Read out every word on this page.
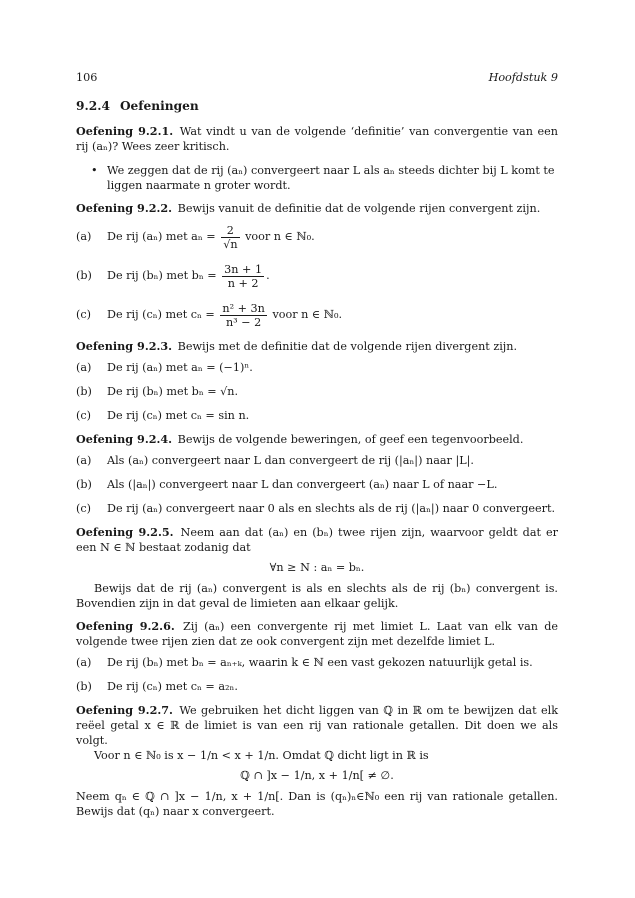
106	Hoofdstuk 9
9.2.4 Oefeningen

Oefening 9.2.1. Wat vindt u van de volgende ‘definitie’ van convergentie van een rij (aₙ)? Wees zeer kritisch.

• We zeggen dat de rij (aₙ) convergeert naar L als aₙ steeds dichter bij L komt te liggen naarmate n groter wordt.

Oefening 9.2.2. Bewijs vanuit de definitie dat de volgende rijen convergent zijn.

(a) De rij (aₙ) met $a_n = \frac{2}{√n}$ voor n ∈ ℕ₀.
(b) De rij (bₙ) met $b_n = \frac{3n + 1}{n + 2}$ .
(c) De rij (cₙ) met $c_n = \frac{\text{n² + 3n}}{\text{n³ − 2}}$ voor n ∈ ℕ₀.

Oefening 9.2.3. Bewijs met de definitie dat de volgende rijen divergent zijn.

(a) De rij (aₙ) met aₙ = (−1)ⁿ.
(b) De rij (bₙ) met bₙ = √n.
(c) De rij (cₙ) met cₙ = sin n.

Oefening 9.2.4. Bewijs de volgende beweringen, of geef een tegenvoorbeeld.

(a) Als (aₙ) convergeert naar L dan convergeert de rij (|aₙ|) naar |L|.
(b) Als (|aₙ|) convergeert naar L dan convergeert (aₙ) naar L of naar −L.
(c) De rij (aₙ) convergeert naar 0 als en slechts als de rij (|aₙ|) naar 0 convergeert.

Oefening 9.2.5. Neem aan dat (aₙ) en (bₙ) twee rijen zijn, waarvoor geldt dat er een N ∈ ℕ bestaat zodanig dat

∀n ≥ N : aₙ = bₙ.

Bewijs dat de rij (aₙ) convergent is als en slechts als de rij (bₙ) convergent is. Bovendien zijn in dat geval de limieten aan elkaar gelijk.

Oefening 9.2.6. Zij (aₙ) een convergente rij met limiet L. Laat van elk van de volgende twee rijen zien dat ze ook convergent zijn met dezelfde limiet L.

(a) De rij (bₙ) met bₙ = aₙ₊ₖ, waarin k ∈ ℕ een vast gekozen natuurlijk getal is.
(b) De rij (cₙ) met cₙ = a₂ₙ.

Oefening 9.2.7. We gebruiken het dicht liggen van ℚ in ℝ om te bewijzen dat elk reëel getal x ∈ ℝ de limiet is van een rij van rationale getallen. Dit doen we als volgt.

Voor n ∈ ℕ₀ is x − 1/n < x + 1/n. Omdat ℚ dicht ligt in ℝ is

ℚ ∩ ]x − 1/n, x + 1/n[ ≠ ∅.

Neem qₙ ∈ ℚ ∩ ]x − 1/n, x + 1/n[. Dan is (qₙ)ₙ∈ℕ₀ een rij van rationale getallen. Bewijs dat (qₙ) naar x convergeert.
